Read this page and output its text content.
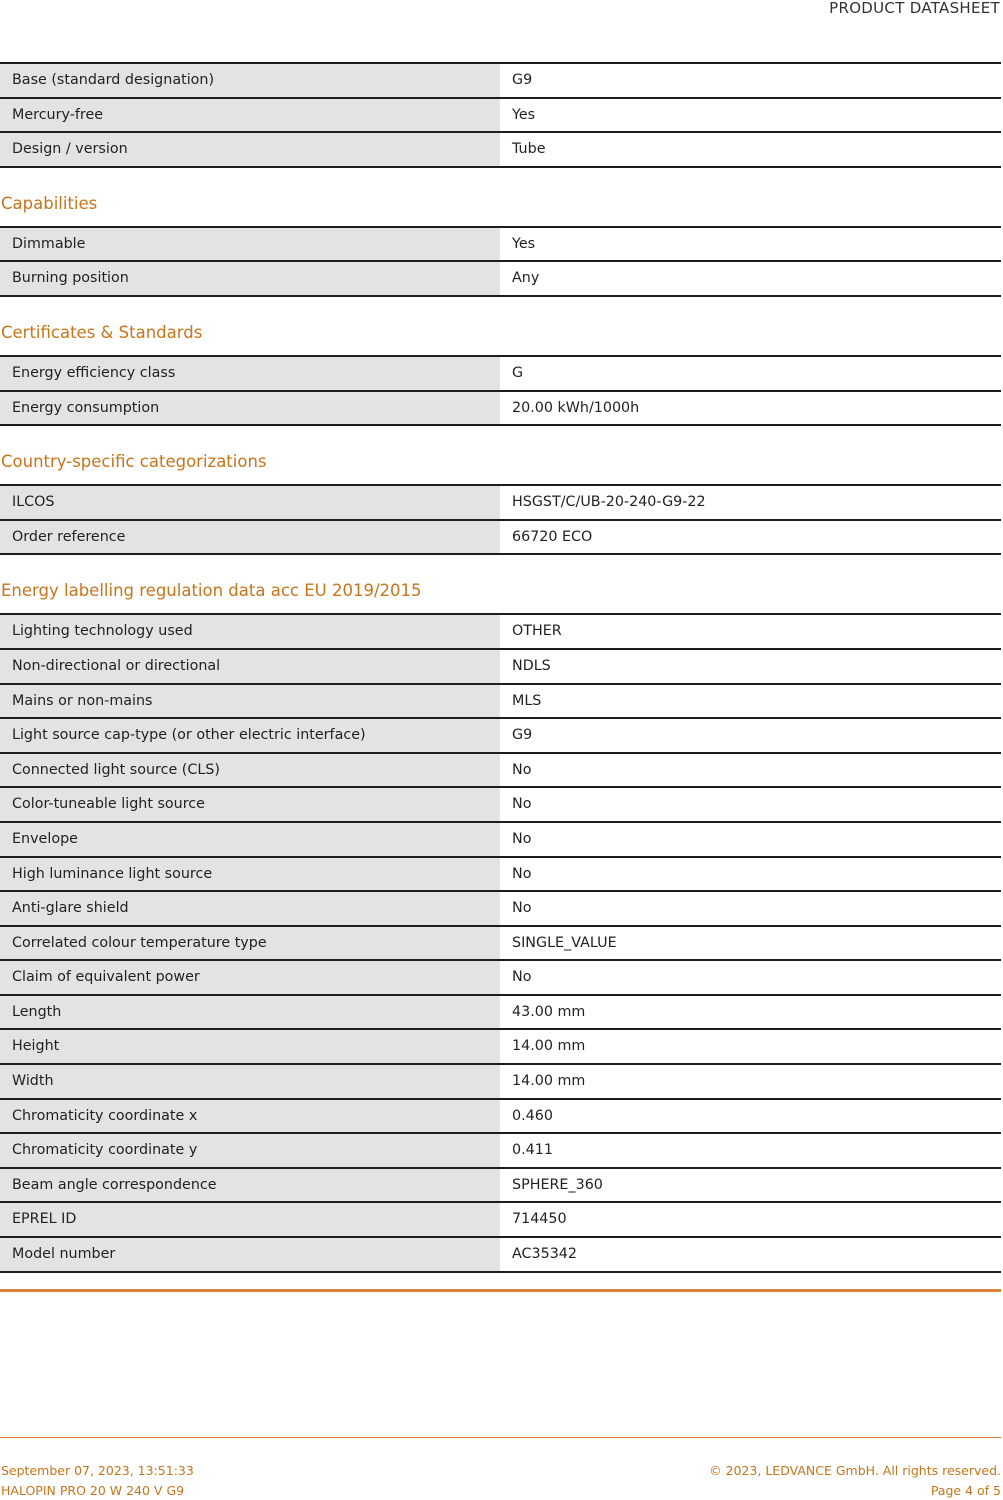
PRODUCT DATASHEET
Base (standard designation)	G9
Mercury-free	Yes
Design / version	Tube
Capabilities
Dimmable	Yes
Burning position	Any
Certificates & Standards
Energy efficiency class	G
Energy consumption	20.00 kWh/1000h
Country-specific categorizations
ILCOS	HSGST/C/UB-20-240-G9-22
Order reference	66720 ECO
Energy labelling regulation data acc EU 2019/2015
Lighting technology used	OTHER
Non-directional or directional	NDLS
Mains or non-mains	MLS
Light source cap-type (or other electric interface)	G9
Connected light source (CLS)	No
Color-tuneable light source	No
Envelope	No
High luminance light source	No
Anti-glare shield	No
Correlated colour temperature type	SINGLE_VALUE
Claim of equivalent power	No
Length	43.00 mm
Height	14.00 mm
Width	14.00 mm
Chromaticity coordinate x	0.460
Chromaticity coordinate y	0.411
Beam angle correspondence	SPHERE_360
EPREL ID	714450
Model number	AC35342
September 07, 2023, 13:51:33	© 2023, LEDVANCE GmbH. All rights reserved.
HALOPIN PRO 20 W 240 V G9	Page 4 of 5
